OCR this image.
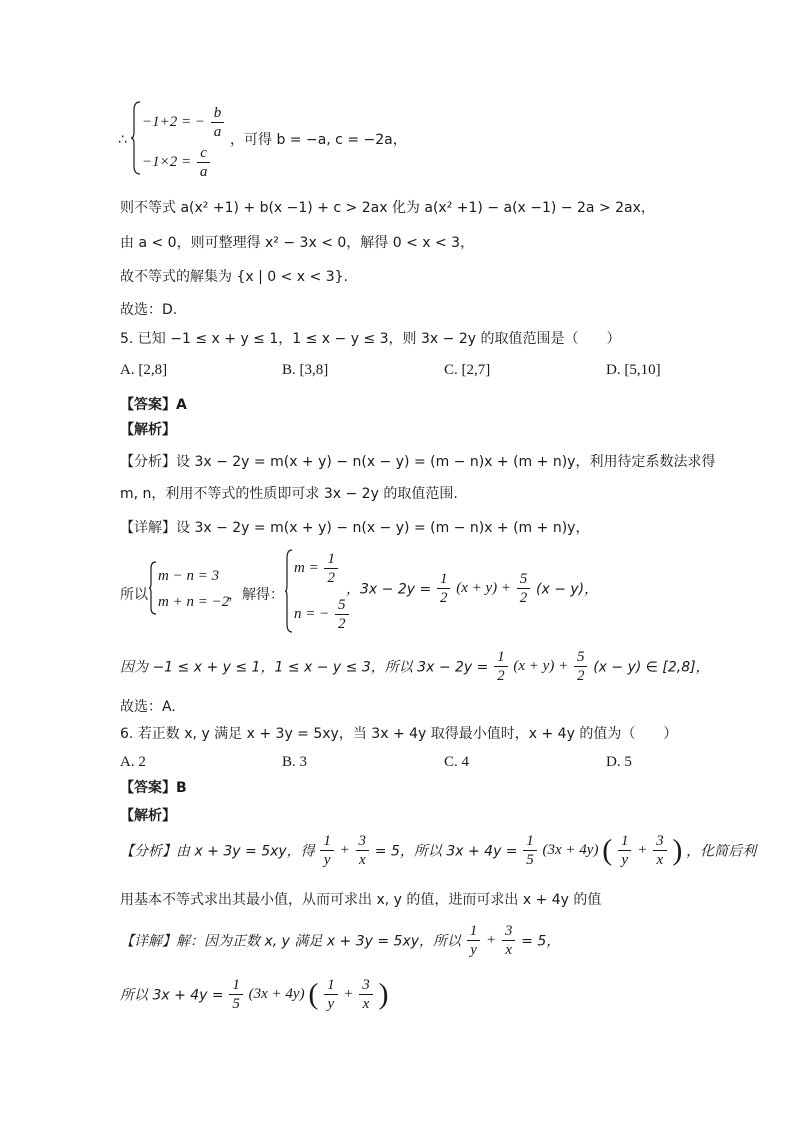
∴
−1+2 = − $\frac{b}{a}$ ，可得 b = −a, c = −2a，
$-1\times 2 = \frac{c}{a}$
则不等式 a(x² +1) + b(x −1) + c > 2ax 化为 a(x² +1) − a(x −1) − 2a > 2ax，
由 a < 0，则可整理得 x² − 3x < 0，解得 0 < x < 3，
故不等式的解集为 {x | 0 < x < 3}.
故选：D.
5. 已知 −1 ≤ x + y ≤ 1，1 ≤ x − y ≤ 3，则 3x − 2y 的取值范围是（　　）
A. [2,8]	B. [3,8]	C. [2,7]	D. [5,10]
【答案】A
【解析】
【分析】设 3x − 2y = m(x + y) − n(x − y) = (m − n)x + (m + n)y，利用待定系数法求得
m, n，利用不等式的性质即可求 3x − 2y 的取值范围.
【详解】设 3x − 2y = m(x + y) − n(x − y) = (m − n)x + (m + n)y，
所以
m − n = 3
m + n = −2
，解得：
$m = \frac{1}{2}$
n = − $\frac{5}{2}$
，$3x - 2y = \frac{1}{2} (x + y) + \frac{5}{2} (x - y)$，
因为 −1 ≤ x + y ≤ 1，1 ≤ x − y ≤ 3，所以 $3x - 2y = \frac{1}{2} (x + y) + \frac{5}{2} (x - y)$ ∈ [2,8]，
故选：A.
6. 若正数 x, y 满足 x + 3y = 5xy，当 3x + 4y 取得最小值时，x + 4y 的值为（　　）
A. 2	B. 3	C. 4	D. 5
【答案】B
【解析】
【分析】由 x + 3y = 5xy，得 $\frac{1}{y} + \frac{3}{x} = 5$，所以 $3x + 4y = \frac{1}{5} (3x + 4y)$ ( $\frac{1}{y} + \frac{3}{x}$ ) ，化简后利
用基本不等式求出其最小值，从而可求出 x, y 的值，进而可求出 x + 4y 的值
【详解】解：因为正数 x, y 满足 x + 3y = 5xy，所以 $\frac{1}{y} + \frac{3}{x} = 5$，
所以 $3x + 4y = \frac{1}{5} (3x + 4y)$ ( $\frac{1}{y} + \frac{3}{x}$ )
